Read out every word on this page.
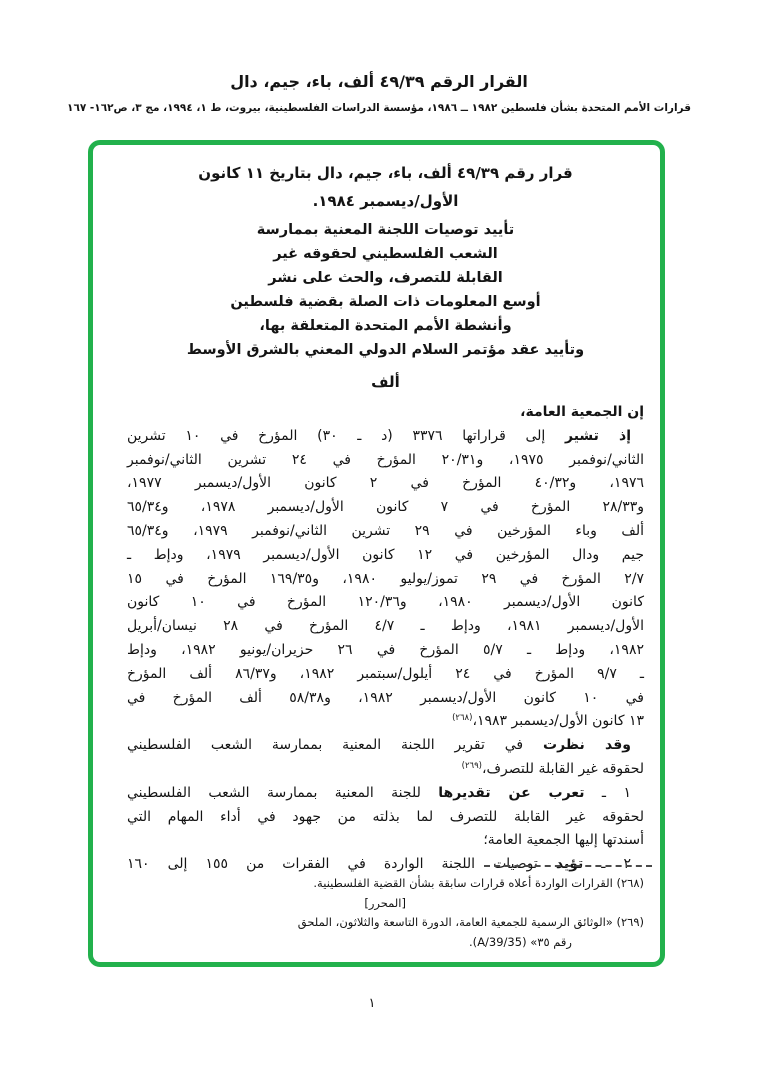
القرار الرقم ٤٩/٣٩ ألف، باء، جيم، دال
قرارات الأمم المتحدة بشأن فلسطين ١٩٨٢ ــ ١٩٨٦، مؤسسة الدراسات الفلسطينية، بيروت، ط ١، ١٩٩٤، مج ٣، ص١٦٢- ١٦٧
قرار رقم ٤٩/٣٩ ألف، باء، جيم، دال بتاريخ ١١ كانون
الأول/ديسمبر ١٩٨٤.
تأييد توصيات اللجنة المعنية بممارسة
الشعب الفلسطيني لحقوقه غير
القابلة للتصرف، والحث على نشر
أوسع المعلومات ذات الصلة بقضية فلسطين
وأنشطة الأمم المتحدة المتعلقة بها،
وتأييد عقد مؤتمر السلام الدولي المعني بالشرق الأوسط
ألف
إن الجمعية العامة،
إذ تشير إلى قراراتها ٣٣٧٦ (د ـ ٣٠) المؤرخ في ١٠ تشرين
الثاني/نوفمبر ١٩٧٥، و٢٠/٣١ المؤرخ في ٢٤ تشرين الثاني/نوفمبر
١٩٧٦، و٤٠/٣٢ المؤرخ في ٢ كانون الأول/ديسمبر ١٩٧٧،
و٢٨/٣٣ المؤرخ في ٧ كانون الأول/ديسمبر ١٩٧٨، و٦٥/٣٤
ألف وباء المؤرخين في ٢٩ تشرين الثاني/نوفمبر ١٩٧٩، و٦٥/٣٤
جيم ودال المؤرخين في ١٢ كانون الأول/ديسمبر ١٩٧٩، ودإط ـ
٢/٧ المؤرخ في ٢٩ تموز/يوليو ١٩٨٠، و١٦٩/٣٥ المؤرخ في ١٥
كانون الأول/ديسمبر ١٩٨٠، و١٢٠/٣٦ المؤرخ في ١٠ كانون
الأول/ديسمبر ١٩٨١، ودإط ـ ٤/٧ المؤرخ في ٢٨ نيسان/أبريل
١٩٨٢، ودإط ـ ٥/٧ المؤرخ في ٢٦ حزيران/يونيو ١٩٨٢، ودإط
ـ ٩/٧ المؤرخ في ٢٤ أيلول/سبتمبر ١٩٨٢، و٨٦/٣٧ ألف المؤرخ
في ١٠ كانون الأول/ديسمبر ١٩٨٢، و٥٨/٣٨ ألف المؤرخ في
١٣ كانون الأول/ديسمبر ١٩٨٣،$^{(٢٦٨)}$
وقد نظرت في تقرير اللجنة المعنية بممارسة الشعب الفلسطيني
لحقوقه غير القابلة للتصرف،$^{(٢٦٩)}$
١ ـ تعرب عن تقديرها للجنة المعنية بممارسة الشعب الفلسطيني
لحقوقه غير القابلة للتصرف لما بذلته من جهود في أداء المهام التي
أسندتها إليها الجمعية العامة؛
٢ ـ تؤيد توصيات اللجنة الواردة في الفقرات من ١٥٥ إلى ١٦٠
(٢٦٨) القرارات الواردة أعلاه قرارات سابقة بشأن القضية الفلسطينية.
[المحرر]
(٢٦٩) «الوثائق الرسمية للجمعية العامة، الدورة التاسعة والثلاثون، الملحق
رقم ٣٥» (A/39/35).
١
